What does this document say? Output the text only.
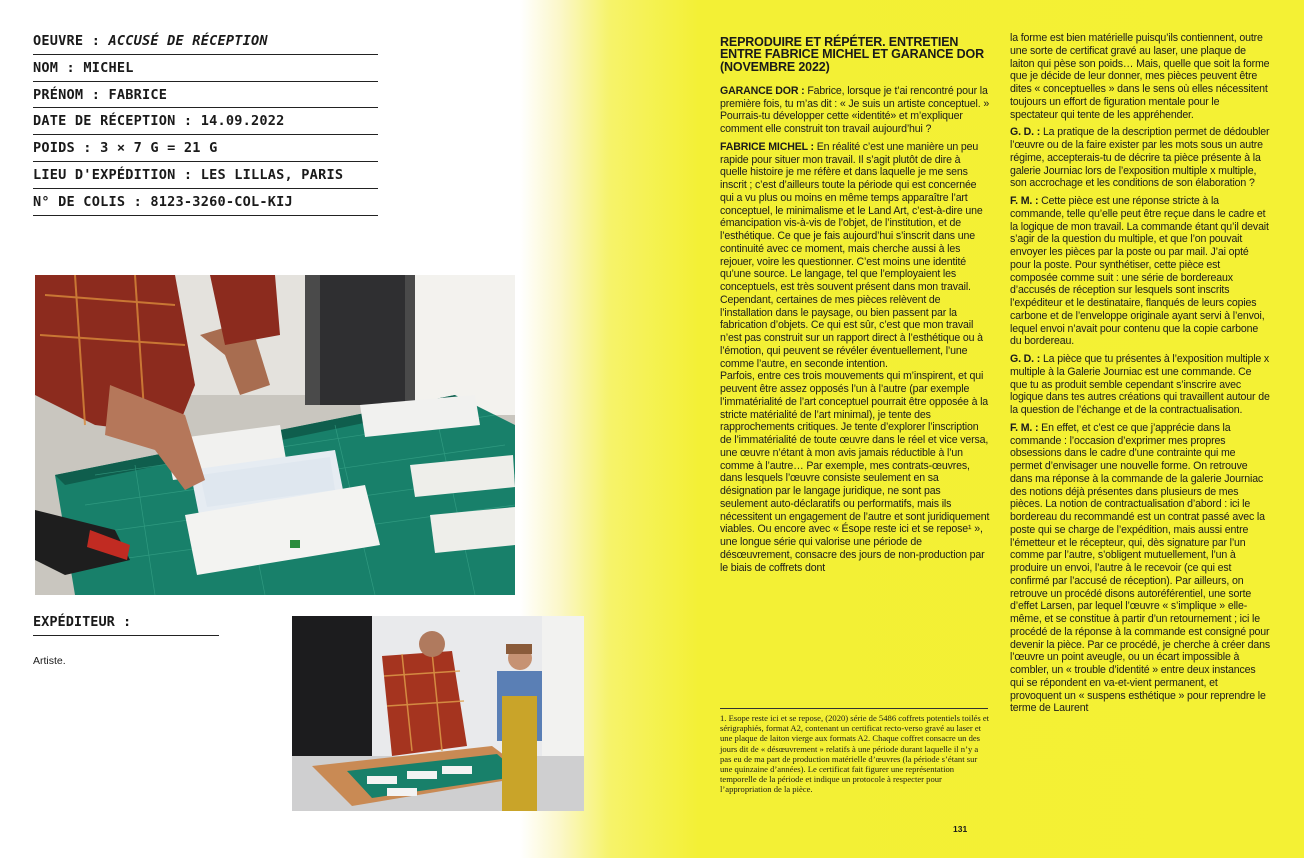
OEUVRE : ACCUSÉ DE RÉCEPTION
NOM : MICHEL
PRÉNOM : FABRICE
DATE DE RÉCEPTION : 14.09.2022
POIDS : 3 × 7 G = 21 G
LIEU D'EXPÉDITION : LES LILLAS, PARIS
N° DE COLIS : 8123-3260-COL-KIJ
EXPÉDITEUR :
Artiste.
REPRODUIRE ET RÉPÉTER. ENTRETIEN ENTRE FABRICE MICHEL ET GARANCE DOR (NOVEMBRE 2022)

GARANCE DOR : Fabrice, lorsque je t’ai rencontré pour la première fois, tu m’as dit : « Je suis un artiste conceptuel. » Pourrais-tu développer cette «identité» et m’expliquer comment elle construit ton travail aujourd’hui ?

FABRICE MICHEL : En réalité c’est une manière un peu rapide pour situer mon travail. Il s’agit plutôt de dire à quelle histoire je me réfère et dans laquelle je me sens inscrit ; c’est d’ailleurs toute la période qui est concernée qui a vu plus ou moins en même temps apparaître l’art conceptuel, le minimalisme et le Land Art, c’est-à-dire une émancipation vis-à-vis de l’objet, de l’institution, et de l’esthétique. Ce que je fais aujourd’hui s’inscrit dans une continuité avec ce moment, mais cherche aussi à les rejouer, voire les questionner. C’est moins une identité qu’une source. Le langage, tel que l’employaient les conceptuels, est très souvent présent dans mon travail. Cependant, certaines de mes pièces relèvent de l’installation dans le paysage, ou bien passent par la fabrication d’objets. Ce qui est sûr, c’est que mon travail n’est pas construit sur un rapport direct à l’esthétique ou à l’émotion, qui peuvent se révéler éventuellement, l’une comme l’autre, en seconde intention.

Parfois, entre ces trois mouvements qui m’inspirent, et qui peuvent être assez opposés l’un à l’autre (par exemple l’immatérialité de l’art conceptuel pourrait être opposée à la stricte matérialité de l’art minimal), je tente des rapprochements critiques. Je tente d’explorer l’inscription de l’immatérialité de toute œuvre dans le réel et vice versa, une œuvre n’étant à mon avis jamais réductible à l’un comme à l’autre… Par exemple, mes contrats-œuvres, dans lesquels l’œuvre consiste seulement en sa désignation par le langage juridique, ne sont pas seulement auto-déclaratifs ou performatifs, mais ils nécessitent un engagement de l’autre et sont juridiquement viables. Ou encore avec « Ésope reste ici et se repose¹ », une longue série qui valorise une période de désœuvrement, consacre des jours de non-production par le biais de coffrets dont

la forme est bien matérielle puisqu’ils contiennent, outre une sorte de certificat gravé au laser, une plaque de laiton qui pèse son poids… Mais, quelle que soit la forme que je décide de leur donner, mes pièces peuvent être dites « conceptuelles » dans le sens où elles nécessitent toujours un effort de figuration mentale pour le spectateur qui tente de les appréhender.

G. D. : La pratique de la description permet de dédoubler l’œuvre ou de la faire exister par les mots sous un autre régime, accepterais-tu de décrire ta pièce présente à la galerie Journiac lors de l’exposition multiple x multiple, son accrochage et les conditions de son élaboration ?

F. M. : Cette pièce est une réponse stricte à la commande, telle qu’elle peut être reçue dans le cadre et la logique de mon travail. La commande étant qu’il devait s’agir de la question du multiple, et que l’on pouvait envoyer les pièces par la poste ou par mail. J’ai opté pour la poste. Pour synthétiser, cette pièce est composée comme suit : une série de bordereaux d’accusés de réception sur lesquels sont inscrits l’expéditeur et le destinataire, flanqués de leurs copies carbone et de l’enveloppe originale ayant servi à l’envoi, lequel envoi n’avait pour contenu que la copie carbone du bordereau.

G. D. : La pièce que tu présentes à l’exposition multiple x multiple à la Galerie Journiac est une commande. Ce que tu as produit semble cependant s’inscrire avec logique dans tes autres créations qui travaillent autour de la question de l’échange et de la contractualisation.

F. M. : En effet, et c’est ce que j’apprécie dans la commande : l’occasion d’exprimer mes propres obsessions dans le cadre d’une contrainte qui me permet d’envisager une nouvelle forme. On retrouve dans ma réponse à la commande de la galerie Journiac des notions déjà présentes dans plusieurs de mes pièces. La notion de contractualisation d’abord : ici le bordereau du recommandé est un contrat passé avec la poste qui se charge de l’expédition, mais aussi entre l’émetteur et le récepteur, qui, dès signature par l’un comme par l’autre, s’obligent mutuellement, l’un à produire un envoi, l’autre à le recevoir (ce qui est confirmé par l’accusé de réception). Par ailleurs, on retrouve un procédé disons autoréférentiel, une sorte d’effet Larsen, par lequel l’œuvre « s’implique » elle-même, et se constitue à partir d’un retournement ; ici le procédé de la réponse à la commande est consigné pour devenir la pièce. Par ce procédé, je cherche à créer dans l’œuvre un point aveugle, ou un écart impossible à combler, un « trouble d’identité » entre deux instances qui se répondent en va-et-vient permanent, et provoquent un « suspens esthétique » pour reprendre le terme de Laurent

1. Esope reste ici et se repose, (2020) série de 5486 coffrets potentiels toilés et sérigraphiés, format A2, contenant un certificat recto-verso gravé au laser et une plaque de laiton vierge aux formats A2. Chaque coffret consacre un des jours dit de « désœuvrement » relatifs à une période durant laquelle il n’y a pas eu de ma part de production matérielle d’œuvres (la période s’étant sur une quinzaine d’années). Le certificat fait figurer une représentation temporelle de la période et indique un protocole à respecter pour l’appropriation de la pièce.
131
